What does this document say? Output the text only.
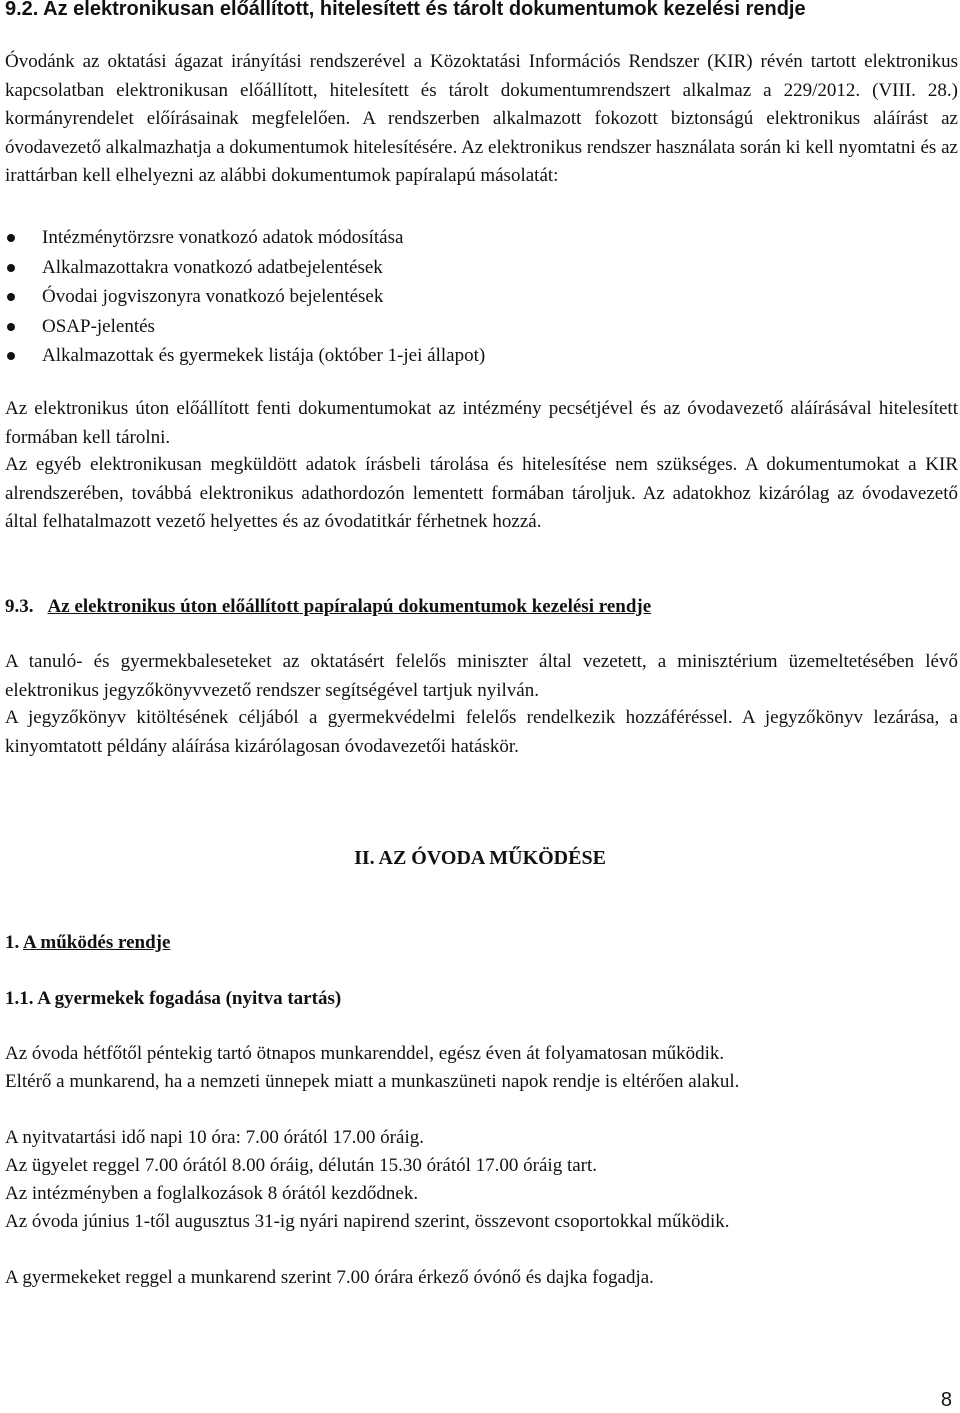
9.2. Az elektronikusan előállított, hitelesített és tárolt dokumentumok kezelési rendje

Óvodánk az oktatási ágazat irányítási rendszerével a Közoktatási Információs Rendszer (KIR) révén tartott elektronikus kapcsolatban elektronikusan előállított, hitelesített és tárolt dokumentumrendszert alkalmaz a 229/2012. (VIII. 28.) kormányrendelet előírásainak megfelelően. A rendszerben alkalmazott fokozott biztonságú elektronikus aláírást az óvodavezető alkalmazhatja a dokumentumok hitelesítésére. Az elektronikus rendszer használata során ki kell nyomtatni és az irattárban kell elhelyezni az alábbi dokumentumok papíralapú másolatát:

Intézménytörzsre vonatkozó adatok módosítása
Alkalmazottakra vonatkozó adatbejelentések
Óvodai jogviszonyra vonatkozó bejelentések
OSAP-jelentés
Alkalmazottak és gyermekek listája (október 1-jei állapot)

Az elektronikus úton előállított fenti dokumentumokat az intézmény pecsétjével és az óvodavezető aláírásával hitelesített formában kell tárolni.

Az egyéb elektronikusan megküldött adatok írásbeli tárolása és hitelesítése nem szükséges. A dokumentumokat a KIR alrendszerében, továbbá elektronikus adathordozón lementett formában tároljuk. Az adatokhoz kizárólag az óvodavezető által felhatalmazott vezető helyettes és az óvodatitkár férhetnek hozzá.

9.3. Az elektronikus úton előállított papíralapú dokumentumok kezelési rendje

A tanuló- és gyermekbaleseteket az oktatásért felelős miniszter által vezetett, a minisztérium üzemeltetésében lévő elektronikus jegyzőkönyvvezető rendszer segítségével tartjuk nyilván.

A jegyzőkönyv kitöltésének céljából a gyermekvédelmi felelős rendelkezik hozzáféréssel. A jegyzőkönyv lezárása, a kinyomtatott példány aláírása kizárólagosan óvodavezetői hatáskör.

II. AZ ÓVODA MŰKÖDÉSE
1. A működés rendje
1.1. A gyermekek fogadása (nyitva tartás)

Az óvoda hétfőtől péntekig tartó ötnapos munkarenddel, egész éven át folyamatosan működik.

Eltérő a munkarend, ha a nemzeti ünnepek miatt a munkaszüneti napok rendje is eltérően alakul.

A nyitvatartási idő napi 10 óra: 7.00 órától 17.00 óráig.

Az ügyelet reggel 7.00 órától 8.00 óráig, délután 15.30 órától 17.00 óráig tart.

Az intézményben a foglalkozások 8 órától kezdődnek.

Az óvoda június 1-től augusztus 31-ig nyári napirend szerint, összevont csoportokkal működik.

A gyermekeket reggel a munkarend szerint 7.00 órára érkező óvónő és dajka fogadja.

8
